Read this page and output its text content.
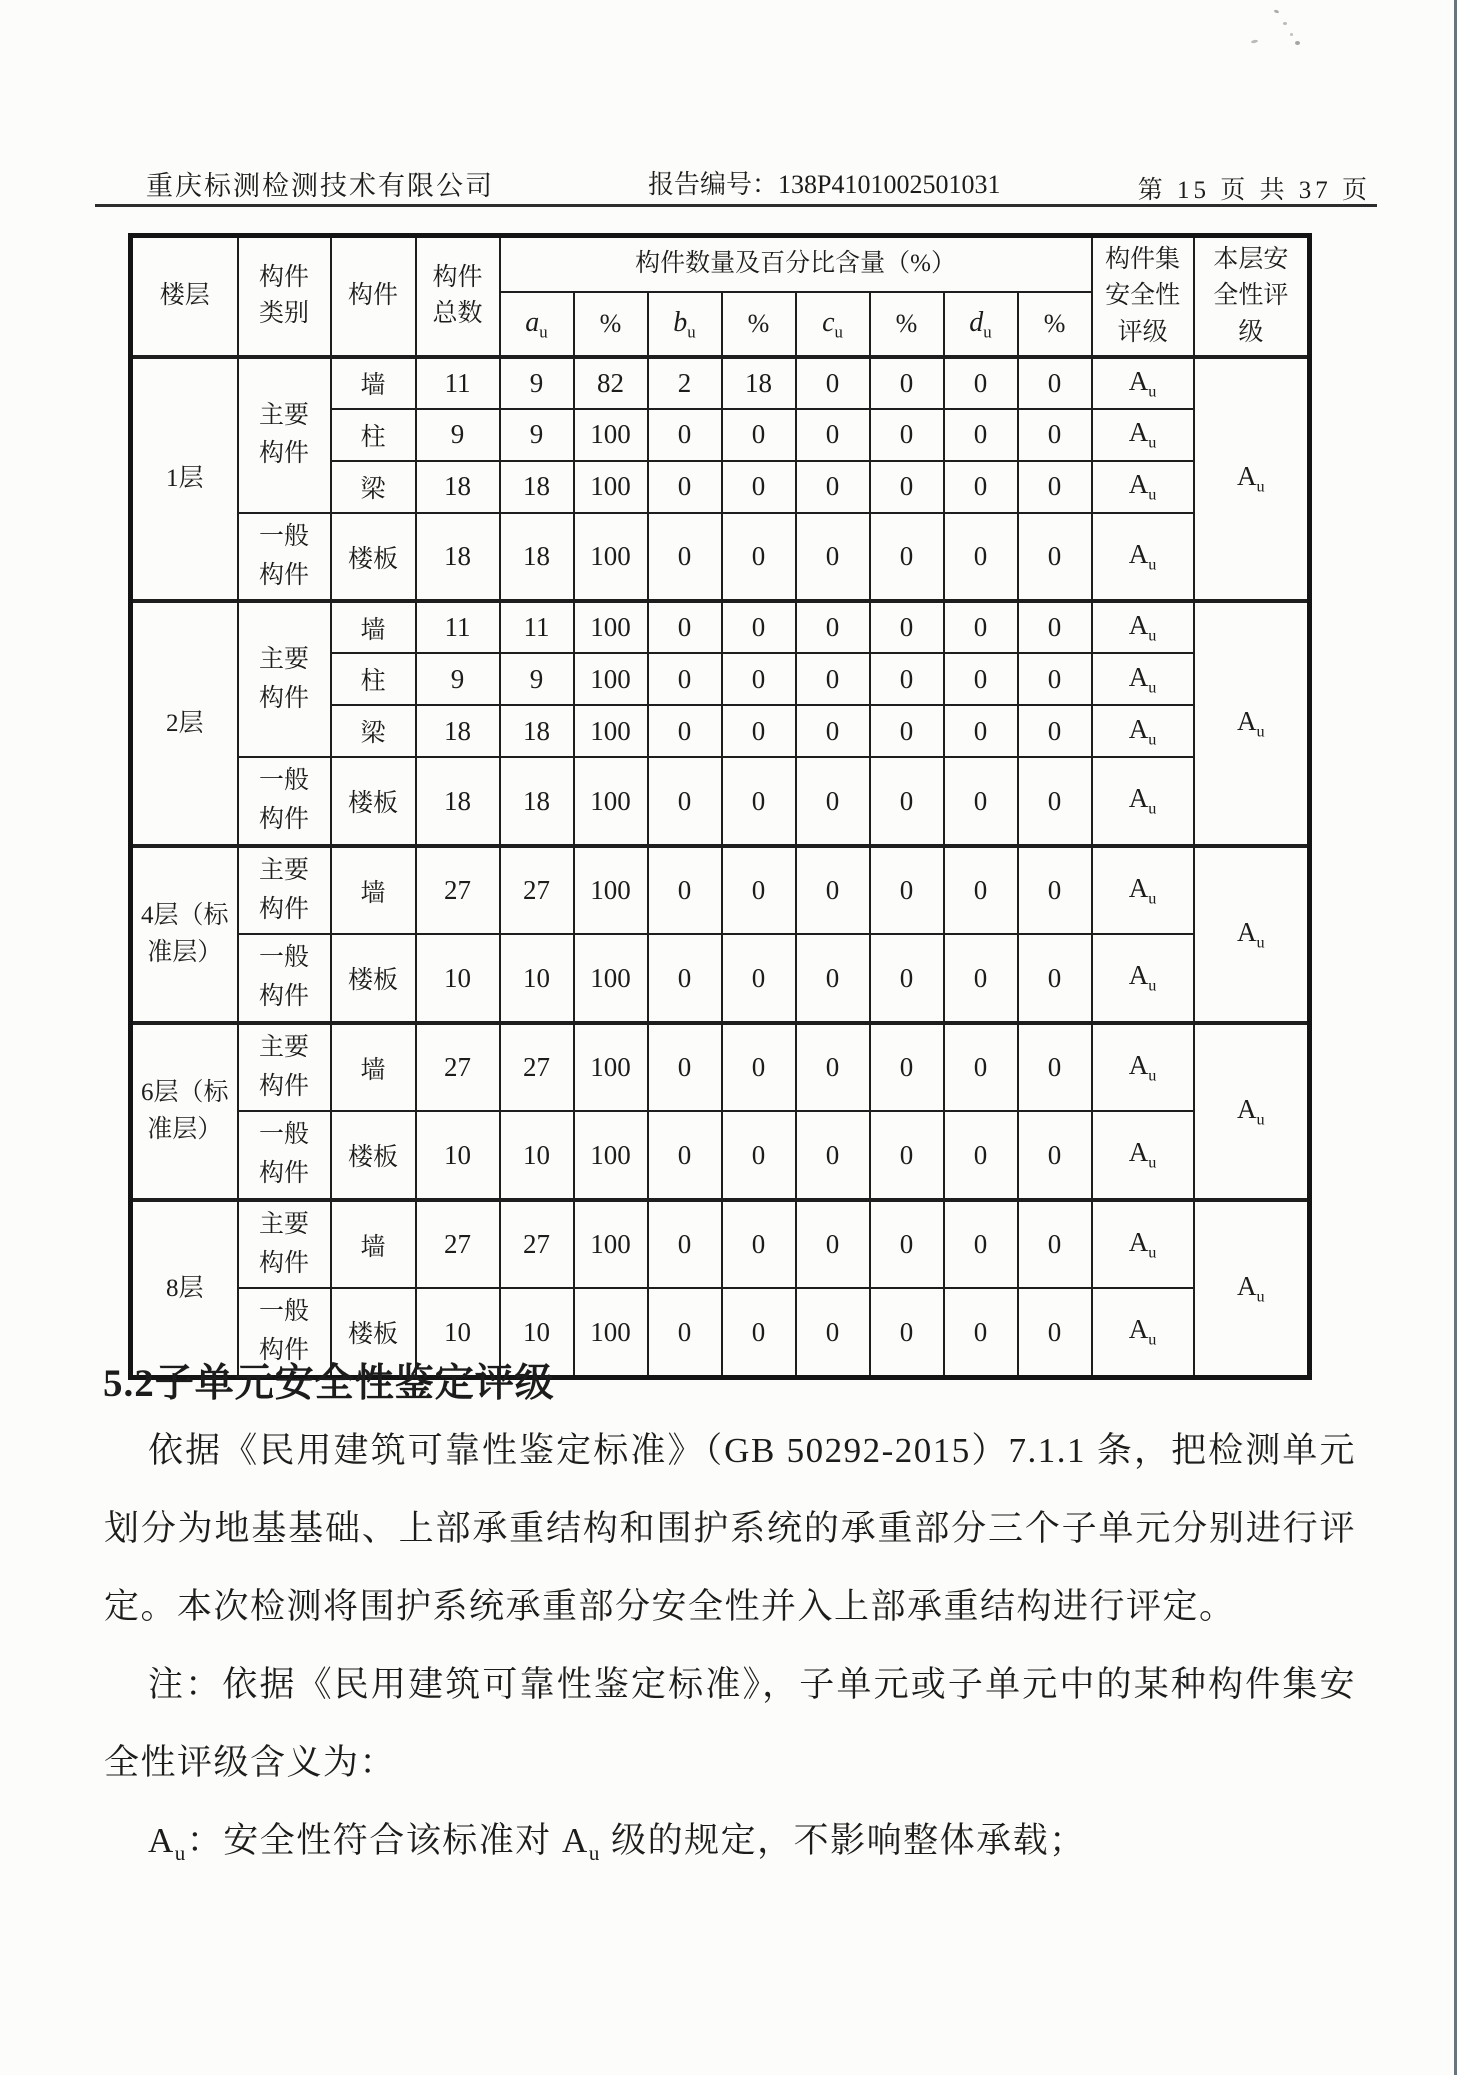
重庆标测检测技术有限公司	报告编号：138P4101002501031	第 15 页 共 37 页
楼层	构件类别	构件	构件总数	构件数量及百分比含量（%）								构件集安全性评级	本层安全性评级
				$a_u$	%	$b_u$	%	$c_u$	%	$d_u$	%		
1层	主要构件	墙	11	9	82	2	18	0	0	0	0	$A_u$	$A_u$
		柱	9	9	100	0	0	0	0	0	0	$A_u$
		梁	18	18	100	0	0	0	0	0	0	$A_u$
	一般构件	楼板	18	18	100	0	0	0	0	0	0	$A_u$
2层	主要构件	墙	11	11	100	0	0	0	0	0	0	$A_u$	$A_u$
		柱	9	9	100	0	0	0	0	0	0	$A_u$
		梁	18	18	100	0	0	0	0	0	0	$A_u$
	一般构件	楼板	18	18	100	0	0	0	0	0	0	$A_u$
4层（标准层）	主要构件	墙	27	27	100	0	0	0	0	0	0	$A_u$	$A_u$
	一般构件	楼板	10	10	100	0	0	0	0	0	0	$A_u$
6层（标准层）	主要构件	墙	27	27	100	0	0	0	0	0	0	$A_u$	$A_u$
	一般构件	楼板	10	10	100	0	0	0	0	0	0	$A_u$
8层	主要构件	墙	27	27	100	0	0	0	0	0	0	$A_u$	$A_u$
	一般构件	楼板	10	10	100	0	0	0	0	0	0	$A_u$
5.2子单元安全性鉴定评级

依据《民用建筑可靠性鉴定标准》（GB 50292-2015）7.1.1 条，把检测单元划分为地基基础、上部承重结构和围护系统的承重部分三个子单元分别进行评定。本次检测将围护系统承重部分安全性并入上部承重结构进行评定。

注：依据《民用建筑可靠性鉴定标准》，子单元或子单元中的某种构件集安全性评级含义为：

$A_u$：安全性符合该标准对 $A_u$ 级的规定，不影响整体承载；
